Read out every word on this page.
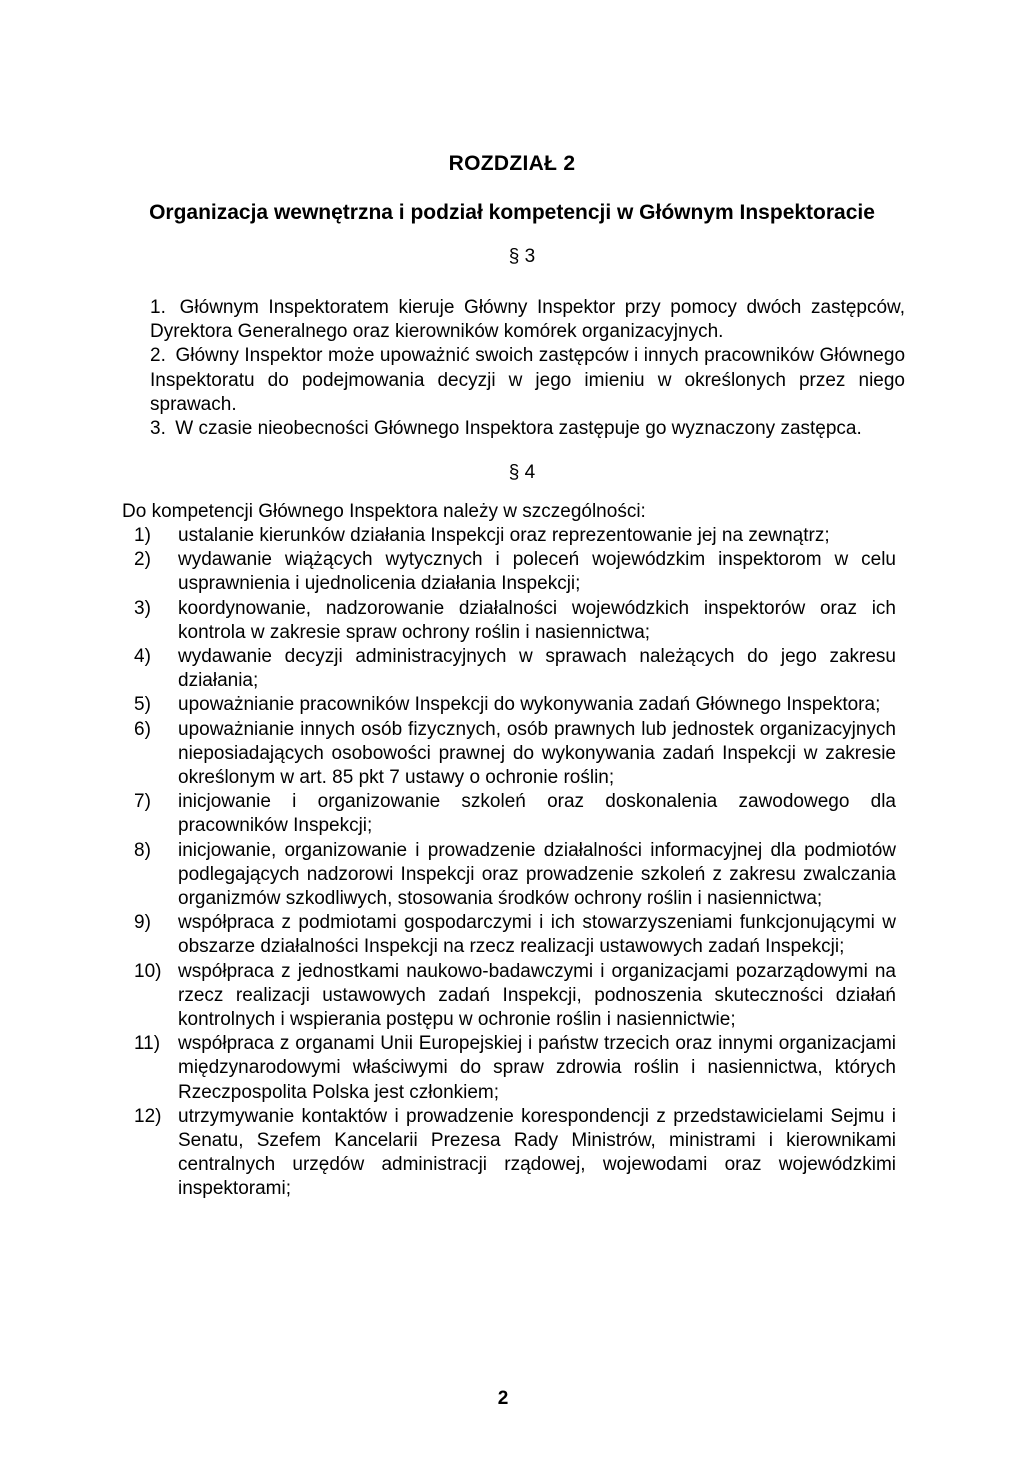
ROZDZIAŁ 2
Organizacja wewnętrzna i podział kompetencji w Głównym Inspektoracie
§ 3
1. Głównym Inspektoratem kieruje Główny Inspektor przy pomocy dwóch zastępców, Dyrektora Generalnego oraz kierowników komórek organizacyjnych.
2. Główny Inspektor może upoważnić swoich zastępców i innych pracowników Głównego Inspektoratu do podejmowania decyzji w jego imieniu w określonych przez niego sprawach.
3. W czasie nieobecności Głównego Inspektora zastępuje go wyznaczony zastępca.
§ 4
Do kompetencji Głównego Inspektora należy w szczególności:
1)	ustalanie kierunków działania Inspekcji oraz reprezentowanie jej na zewnątrz;
2)	wydawanie wiążących wytycznych i poleceń wojewódzkim inspektorom w celu usprawnienia i ujednolicenia działania Inspekcji;
3)	koordynowanie, nadzorowanie działalności wojewódzkich inspektorów oraz ich kontrola w zakresie spraw ochrony roślin i nasiennictwa;
4)	wydawanie decyzji administracyjnych w sprawach należących do jego zakresu działania;
5)	upoważnianie pracowników Inspekcji do wykonywania zadań Głównego Inspektora;
6)	upoważnianie innych osób fizycznych, osób prawnych lub jednostek organizacyjnych nieposiadających osobowości prawnej do wykonywania zadań Inspekcji w zakresie określonym w art. 85 pkt 7 ustawy o ochronie roślin;
7)	inicjowanie i organizowanie szkoleń oraz doskonalenia zawodowego dla pracowników Inspekcji;
8)	inicjowanie, organizowanie i prowadzenie działalności informacyjnej dla podmiotów podlegających nadzorowi Inspekcji oraz prowadzenie szkoleń z zakresu zwalczania organizmów szkodliwych, stosowania środków ochrony roślin i nasiennictwa;
9)	współpraca z podmiotami gospodarczymi i ich stowarzyszeniami funkcjonującymi w obszarze działalności Inspekcji na rzecz realizacji ustawowych zadań Inspekcji;
10) współpraca z jednostkami naukowo-badawczymi i organizacjami pozarządowymi na rzecz realizacji ustawowych zadań Inspekcji, podnoszenia skuteczności działań kontrolnych i wspierania postępu w ochronie roślin i nasiennictwie;
11) współpraca z organami Unii Europejskiej i państw trzecich oraz innymi organizacjami międzynarodowymi właściwymi do spraw zdrowia roślin i nasiennictwa, których Rzeczpospolita Polska jest członkiem;
12) utrzymywanie kontaktów i prowadzenie korespondencji z przedstawicielami Sejmu i Senatu, Szefem Kancelarii Prezesa Rady Ministrów, ministrami i kierownikami centralnych urzędów administracji rządowej, wojewodami oraz wojewódzkimi inspektorami;
2
